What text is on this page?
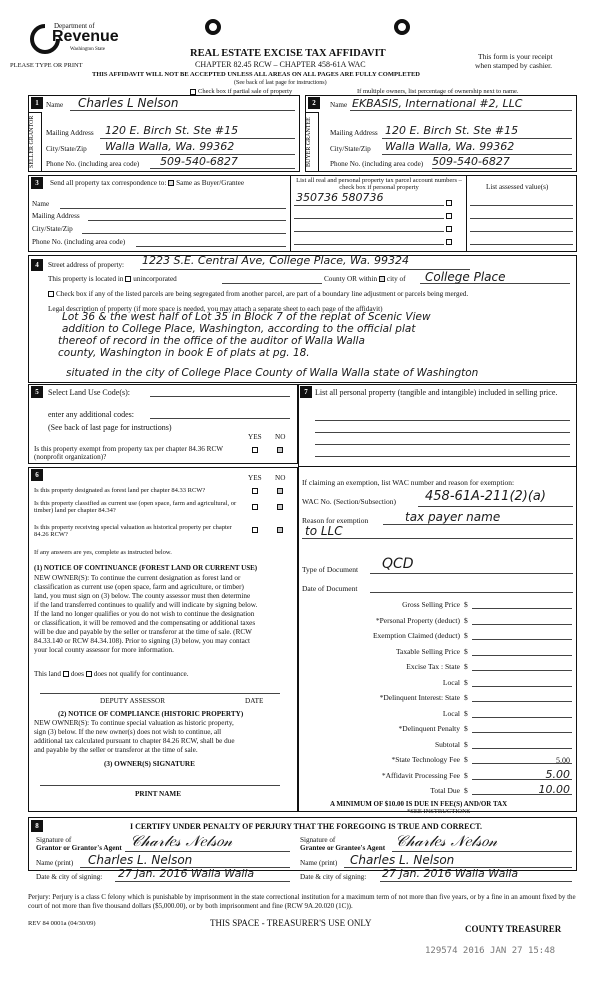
Department of
Revenue
Washington State
PLEASE TYPE OR PRINT
REAL ESTATE EXCISE TAX AFFIDAVIT
CHAPTER 82.45 RCW – CHAPTER 458-61A WAC
THIS AFFIDAVIT WILL NOT BE ACCEPTED UNLESS ALL AREAS ON ALL PAGES ARE FULLY COMPLETED
(See back of last page for instructions)
This form is your receipt
when stamped by cashier.
Check box if partial sale of property	If multiple owners, list percentage of ownership next to name.
1
SELLER GRANTOR
Name Charles L Nelson
Mailing Address 120 E. Birch St. Ste #15
City/State/Zip Walla Walla, Wa. 99362
Phone No. (including area code) 509-540-6827
2
BUYER GRANTEE
Name EKBASIS, International #2, LLC
Mailing Address 120 E. Birch St. Ste #15
City/State/Zip Walla Walla, Wa. 99362
Phone No. (including area code) 509-540-6827
3	Send all property tax correspondence to: Same as Buyer/Grantee	List all real and personal property tax parcel account numbers – check box if personal property	List assessed value(s)
Name
Mailing Address
City/State/Zip
Phone No. (including area code)
350736 580736
4	Street address of property: 1223 S.E. Central Ave, College Place, Wa. 99324
This property is located in unincorporated	County OR within city of College Place
Check box if any of the listed parcels are being segregated from another parcel, are part of a boundary line adjustment or parcels being merged.
Legal description of property (if more space is needed, you may attach a separate sheet to each page of the affidavit)
Lot 36 & the west half of Lot 35 in Block 7 of the replat of Scenic View
addition to College Place, Washington, according to the official plat
thereof of record in the office of the auditor of Walla Walla
county, Washington in book E of plats at pg. 18.
situated in the city of College Place County of Walla Walla state of Washington
5	Select Land Use Code(s):
enter any additional codes:
(See back of last page for instructions)
YES NO
Is this property exempt from property tax per chapter 84.36 RCW (nonprofit organization)?
6	YES NO
Is this property designated as forest land per chapter 84.33 RCW?
Is this property classified as current use (open space, farm and agricultural, or timber) land per chapter 84.34?
Is this property receiving special valuation as historical property per chapter 84.26 RCW?
If any answers are yes, complete as instructed below.
(1) NOTICE OF CONTINUANCE (FOREST LAND OR CURRENT USE)
NEW OWNER(S): To continue the current designation as forest land or
classification as current use (open space, farm and agriculture, or timber)
land, you must sign on (3) below. The county assessor must then determine
if the land transferred continues to qualify and will indicate by signing below.
If the land no longer qualifies or you do not wish to continue the designation
or classification, it will be removed and the compensating or additional taxes
will be due and payable by the seller or transferor at the time of sale. (RCW
84.33.140 or RCW 84.34.108). Prior to signing (3) below, you may contact
your local county assessor for more information.
This land does does not qualify for continuance.
DEPUTY ASSESSOR	DATE
(2) NOTICE OF COMPLIANCE (HISTORIC PROPERTY)
NEW OWNER(S): To continue special valuation as historic property,
sign (3) below. If the new owner(s) does not wish to continue, all
additional tax calculated pursuant to chapter 84.26 RCW, shall be due
and payable by the seller or transferor at the time of sale.
(3) OWNER(S) SIGNATURE
PRINT NAME
7 List all personal property (tangible and intangible) included in selling price.
If claiming an exemption, list WAC number and reason for exemption:
WAC No. (Section/Subsection) 458-61A-211(2)(a)
Reason for exemption	tax payer name
to LLC
Type of Document QCD
Date of Document
Gross Selling Price $
*Personal Property (deduct) $
Exemption Claimed (deduct) $
Taxable Selling Price $
Excise Tax : State $
Local $
*Delinquent Interest: State $
Local $
*Delinquent Penalty $
Subtotal $
*State Technology Fee $	5.00
*Affidavit Processing Fee $	5.00
Total Due $	10.00
A MINIMUM OF $10.00 IS DUE IN FEE(S) AND/OR TAX
*SEE INSTRUCTIONS
8	I CERTIFY UNDER PENALTY OF PERJURY THAT THE FOREGOING IS TRUE AND CORRECT.
Signature of
Grantor or Grantor's Agent 𝒞𝒽𝒶𝓇𝓁𝑒𝓈 𝒩𝑒𝓁𝓈𝑜𝓃
Name (print) Charles L. Nelson
Date & city of signing: 27 Jan. 2016 Walla Walla
Signature of
Grantee or Grantee's Agent 𝒞𝒽𝒶𝓇𝓁𝑒𝓈 𝒩𝑒𝓁𝓈𝑜𝓃
Name (print) Charles L. Nelson
Date & city of signing: 27 Jan. 2016 Walla Walla
Perjury: Perjury is a class C felony which is punishable by imprisonment in the state correctional institution for a maximum term of not more than five years, or by a fine in an amount fixed by the court of not more than five thousand dollars ($5,000.00), or by both imprisonment and fine (RCW 9A.20.020 (1C)).
REV 84 0001a (04/30/09)	THIS SPACE - TREASURER'S USE ONLY
COUNTY TREASURER
129574 2016 JAN 27 15:48
